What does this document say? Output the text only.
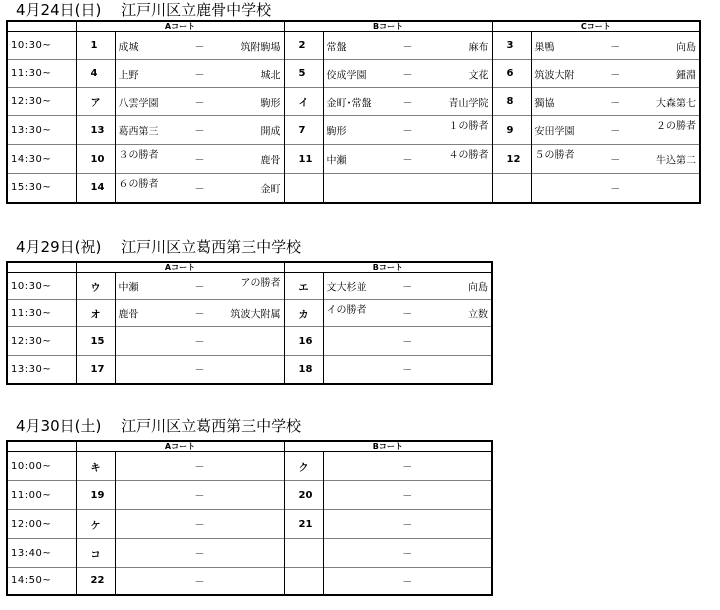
4月24日(日)　 江戸川区立鹿骨中学校
	Aコート		Bコート		Cコート	
10:30~	1	成城 － 筑附駒場	2	常盤 － 麻布	3	巣鴨 － 向島

11:30~	4	上野 － 城北	5	佼成学園 － 文花	6	筑波大附 － 鍾淵

12:30~	ア	八雲学園 － 駒形	イ	金町･常盤 － 青山学院	8	獨協 － 大森第七

13:30~	13	葛西第三 － 開成	7	駒形 － １の勝者	9	安田学園 － ２の勝者

14:30~	10	３の勝者 － 鹿骨	11	中瀬 － ４の勝者	12	５の勝者 － 牛込第二

15:30~	14	６の勝者 － 金町				－
4月29日(祝)　 江戸川区立葛西第三中学校
	Aコート		Bコート	
10:30~	ウ	中瀬 － アの勝者	エ	文大杉並 － 向島

11:30~	オ	鹿骨 － 筑波大附属	カ	イの勝者 － 立数

12:30~	15	－	16	－

13:30~	17	－	18	－
4月30日(土)　 江戸川区立葛西第三中学校
	Aコート		Bコート	
10:00~	キ	－	ク	－

11:00~	19	－	20	－

12:00~	ケ	－	21	－

13:40~	コ	－		－

14:50~	22	－		－
